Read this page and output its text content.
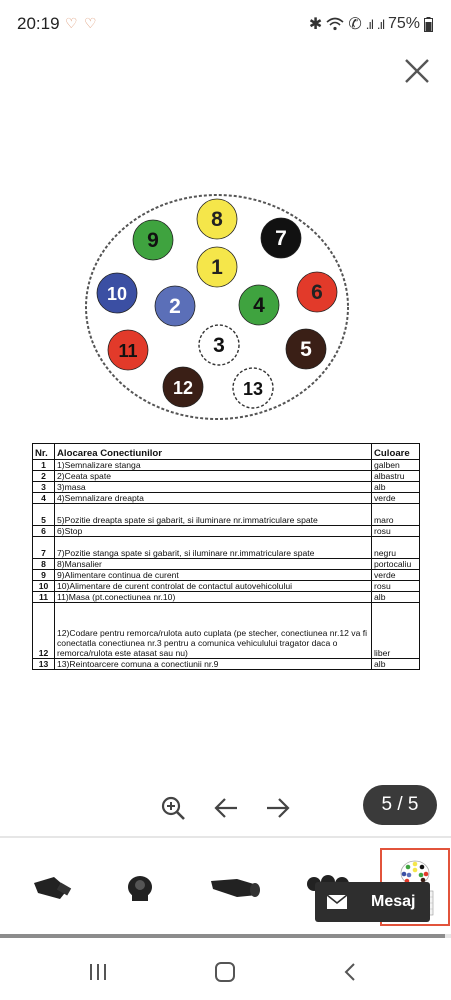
20:19 ♡ ♡	✱ ✆ .ıl .ıl 75%
8
9	7
1
10
2	4
6
11	3	5
12	13
Nr.	Alocarea Conectiunilor	Culoare
1	1)Semnalizare stanga	galben
2	2)Ceata spate	albastru
3	3)masa	alb
4	4)Semnalizare dreapta	verde
5	5)Pozitie dreapta spate si gabarit, si iluminare nr.immatriculare spate	maro
6	6)Stop	rosu
7	7)Pozitie stanga spate si gabarit, si iluminare nr.immatriculare spate	negru
8	8)Mansalier	portocaliu
9	9)Alimentare continua de curent	verde
10	10)Alimentare de curent controlat de contactul autovehicolului	rosu
11	11)Masa (pt.conectiunea nr.10)	alb
12	12)Codare pentru remorca/rulota auto cuplata (pe stecher, conectiunea nr.12 va fi conectatla conectiunea nr.3 pentru a comunica vehiculului tragator daca o remorca/rulota este atasat sau nu)	liber
13	13)Reintoarcere comuna a conectiunii nr.9	alb
5 / 5
Mesaj
